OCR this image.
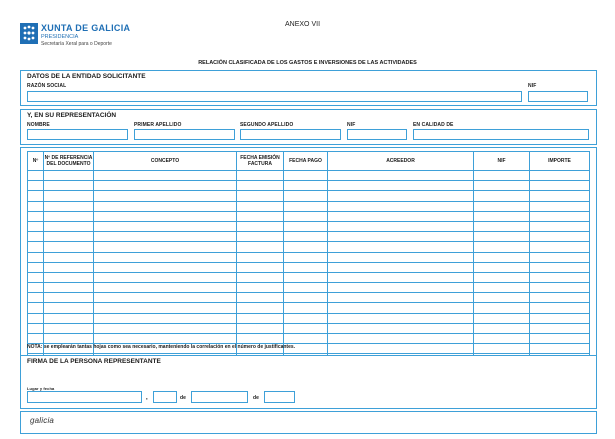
XUNTA DE GALICIA
PRESIDENCIA
Secretaría Xeral para o Deporte
ANEXO VII
RELACIÓN CLASIFICADA DE LOS GASTOS E INVERSIONES DE LAS ACTIVIDADES
DATOS DE LA ENTIDAD SOLICITANTE
RAZÓN SOCIAL	NIF
Y, EN SU REPRESENTACIÓN
NOMBRE	PRIMER APELLIDO	SEGUNDO APELLIDO	NIF	EN CALIDAD DE
Nº	Nº DE REFERENCIA DEL DOCUMENTO	CONCEPTO	FECHA EMISIÓN FACTURA	FECHA PAGO	ACREEDOR	NIF	IMPORTE

NOTA: se emplearán tantas hojas como sea necesario, manteniendo la correlación en el número de justificantes.
FIRMA DE LA PERSONA REPRESENTANTE
Lugar y fecha
,	de	de
galicia
